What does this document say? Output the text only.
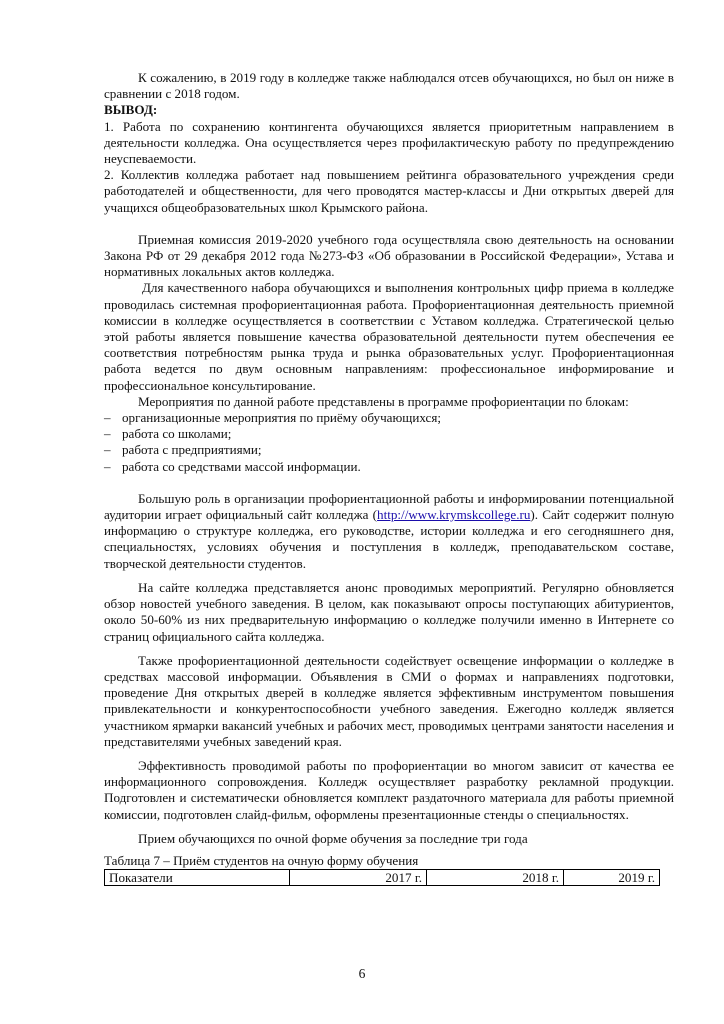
К сожалению, в 2019 году в колледже также наблюдался отсев обучающихся, но был он ниже в сравнении с 2018 годом.

ВЫВОД:

1. Работа по сохранению контингента обучающихся является приоритетным направлением в деятельности колледжа. Она осуществляется через профилактическую работу по предупреждению неуспеваемости.

2. Коллектив колледжа работает над повышением рейтинга образовательного учреждения среди работодателей и общественности, для чего проводятся мастер-классы и Дни открытых дверей для учащихся общеобразовательных школ Крымского района.

Приемная комиссия 2019-2020 учебного года осуществляла свою деятельность на основании Закона РФ от 29 декабря 2012 года №273-ФЗ «Об образовании в Российской Федерации», Устава и нормативных локальных актов колледжа.

Для качественного набора обучающихся и выполнения контрольных цифр приема в колледже проводилась системная профориентационная работа. Профориентационная деятельность приемной комиссии в колледже осуществляется в соответствии с Уставом колледжа. Стратегической целью этой работы является повышение качества образовательной деятельности путем обеспечения ее соответствия потребностям рынка труда и рынка образовательных услуг. Профориентационная работа ведется по двум основным направлениям: профессиональное информирование и профессиональное консультирование.

Мероприятия по данной работе представлены в программе профориентации по блокам:

– организационные мероприятия по приёму обучающихся;
– работа со школами;
– работа с предприятиями;
– работа со средствами массой информации.

Большую роль в организации профориентационной работы и информировании потенциальной аудитории играет официальный сайт колледжа (http://www.krymskcollege.ru). Сайт содержит полную информацию о структуре колледжа, его руководстве, истории колледжа и его сегодняшнего дня, специальностях, условиях обучения и поступления в колледж, преподавательском составе, творческой деятельности студентов.

На сайте колледжа представляется анонс проводимых мероприятий. Регулярно обновляется обзор новостей учебного заведения. В целом, как показывают опросы поступающих абитуриентов, около 50-60% из них предварительную информацию о колледже получили именно в Интернете со страниц официального сайта колледжа.

Также профориентационной деятельности содействует освещение информации о колледже в средствах массовой информации. Объявления в СМИ о формах и направлениях подготовки, проведение Дня открытых дверей в колледже является эффективным инструментом повышения привлекательности и конкурентоспособности учебного заведения. Ежегодно колледж является участником ярмарки вакансий учебных и рабочих мест, проводимых центрами занятости населения и представителями учебных заведений края.

Эффективность проводимой работы по профориентации во многом зависит от качества ее информационного сопровождения. Колледж осуществляет разработку рекламной продукции. Подготовлен и систематически обновляется комплект раздаточного материала для работы приемной комиссии, подготовлен слайд-фильм, оформлены презентационные стенды о специальностях.

Прием обучающихся по очной форме обучения за последние три года

Таблица 7 – Приём студентов на очную форму обучения

Показатели	2017 г.	2018 г.	2019 г.
6
